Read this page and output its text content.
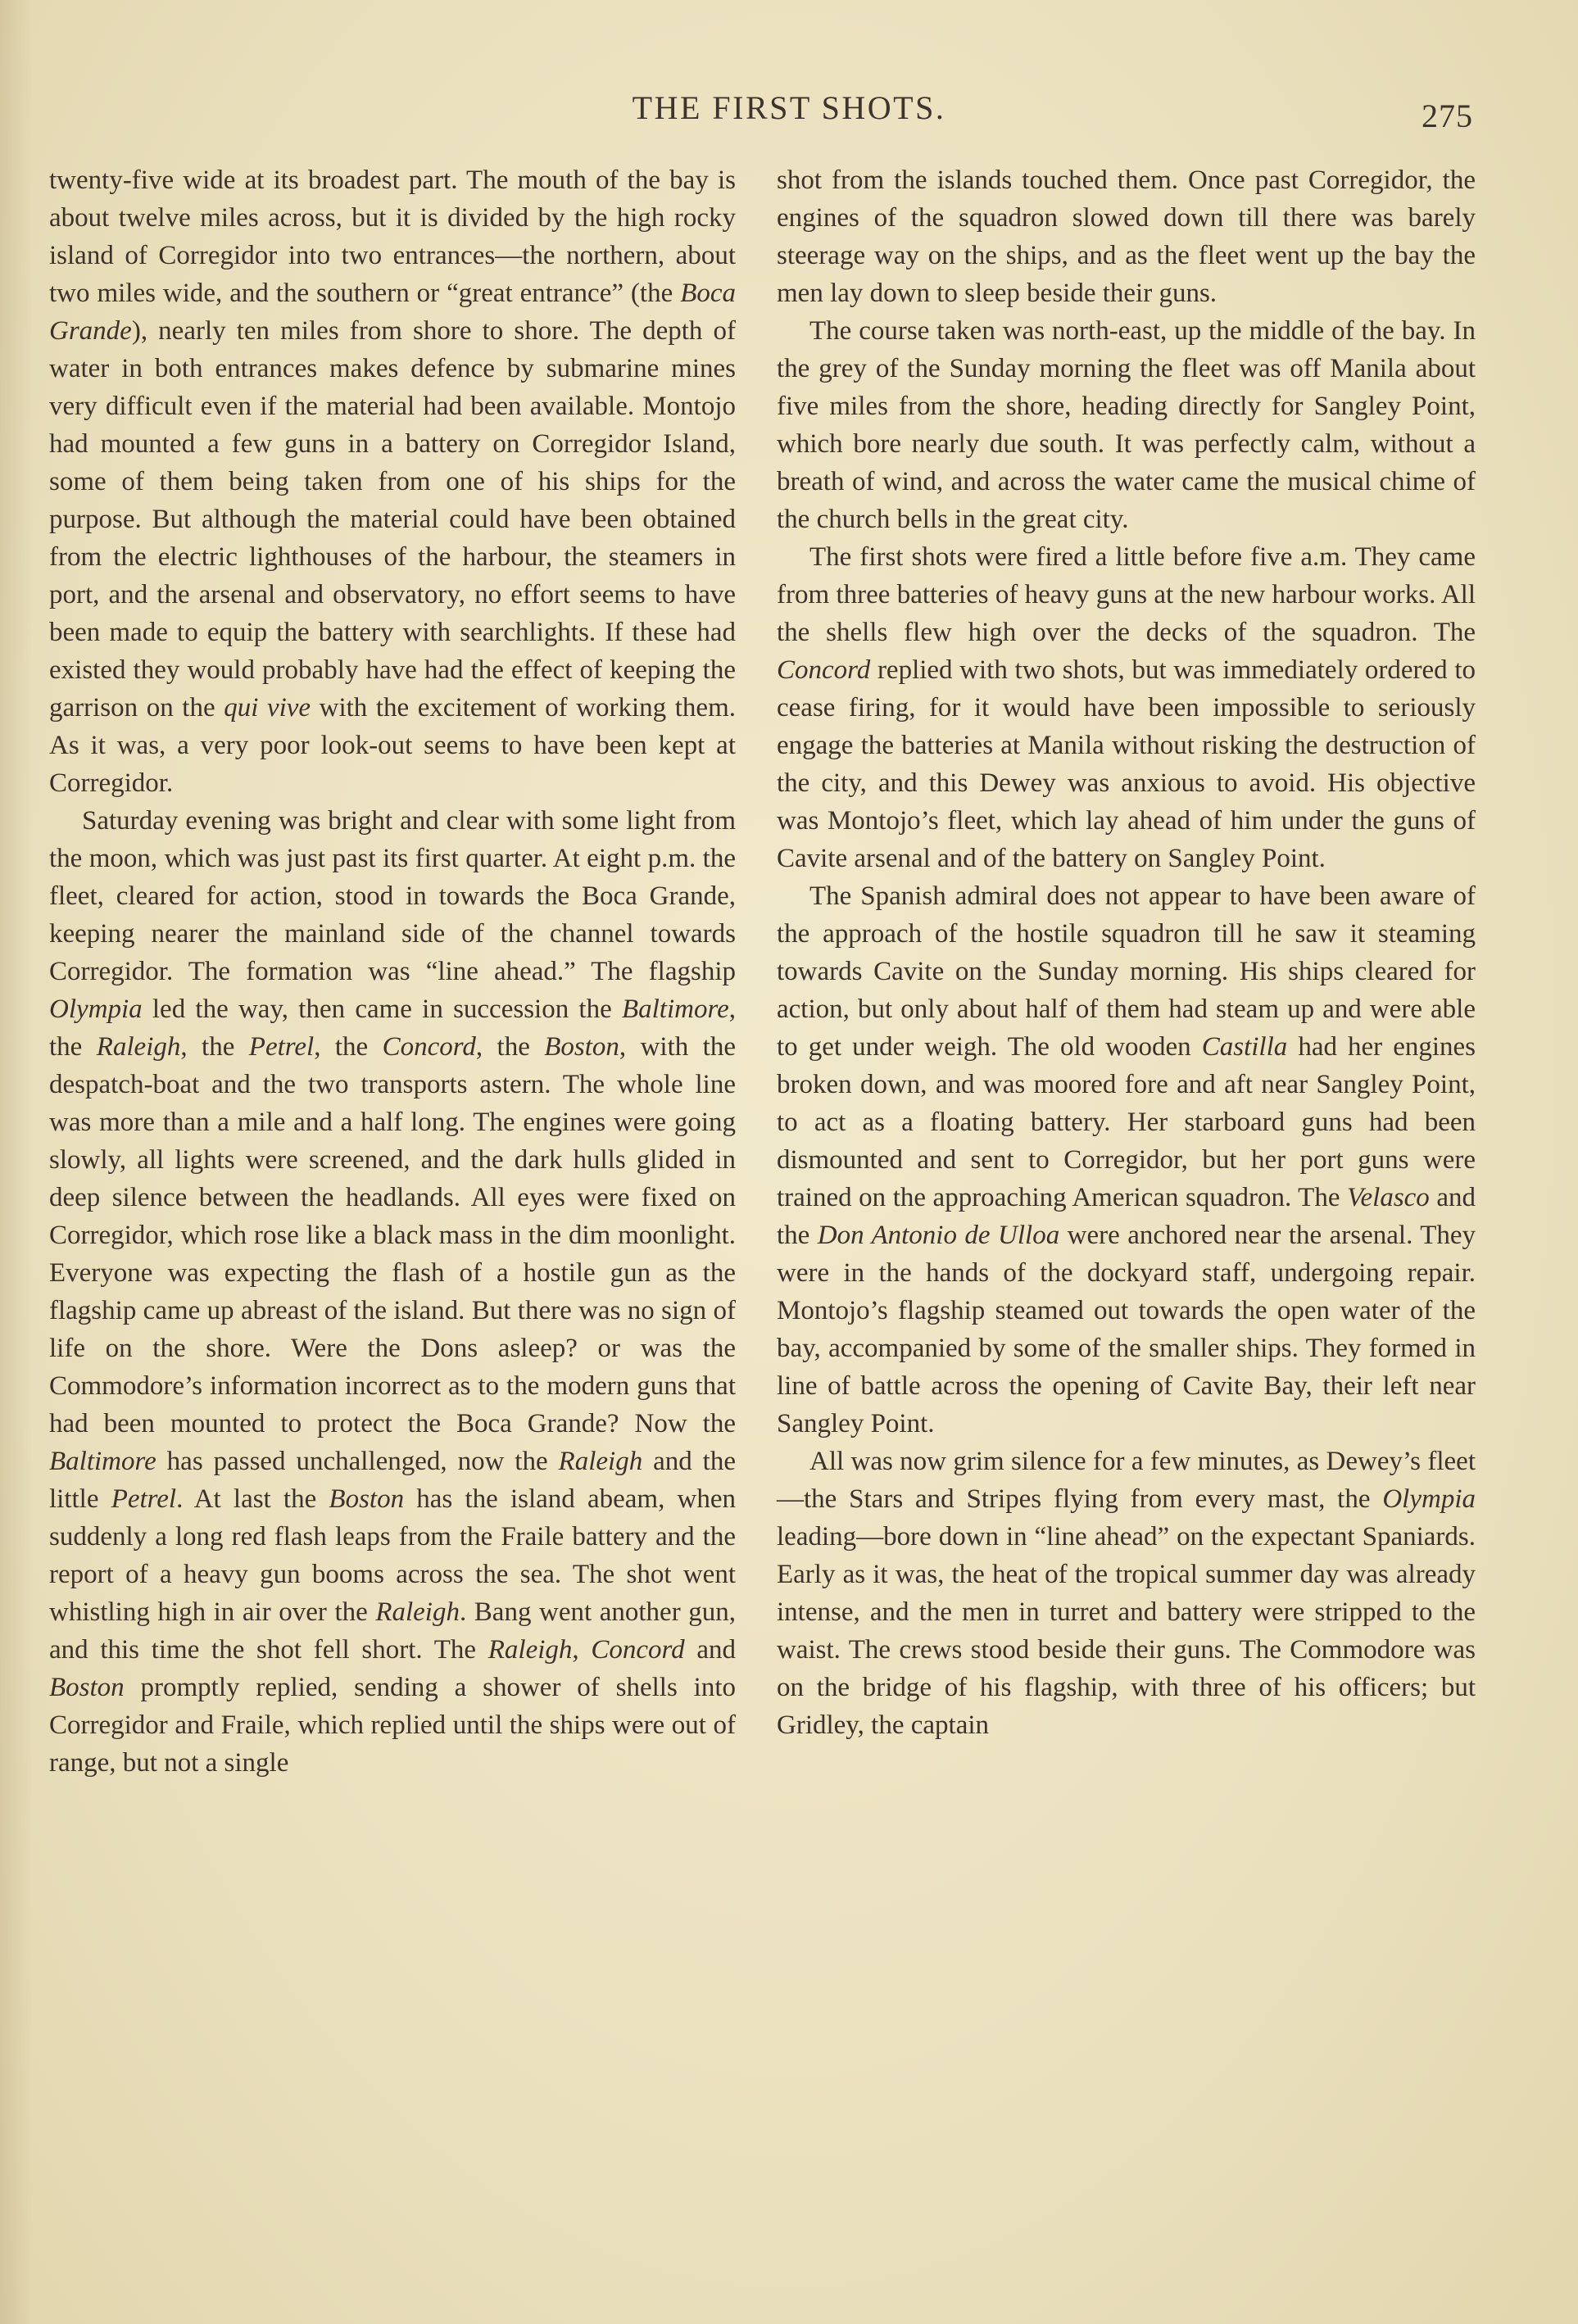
THE FIRST SHOTS.	275

twenty-five wide at its broadest part. The mouth of the bay is about twelve miles across, but it is divided by the high rocky island of Corregidor into two entrances—the northern, about two miles wide, and the southern or “great entrance” (the Boca Grande), nearly ten miles from shore to shore. The depth of water in both entrances makes defence by submarine mines very difficult even if the material had been available. Montojo had mounted a few guns in a battery on Corregidor Island, some of them being taken from one of his ships for the purpose. But although the material could have been obtained from the electric lighthouses of the harbour, the steamers in port, and the arsenal and observatory, no effort seems to have been made to equip the battery with searchlights. If these had existed they would probably have had the effect of keeping the garrison on the qui vive with the excitement of working them. As it was, a very poor look-out seems to have been kept at Corregidor.

Saturday evening was bright and clear with some light from the moon, which was just past its first quarter. At eight p.m. the fleet, cleared for action, stood in towards the Boca Grande, keeping nearer the mainland side of the channel towards Corregidor. The formation was “line ahead.” The flagship Olympia led the way, then came in succession the Baltimore, the Raleigh, the Petrel, the Concord, the Boston, with the despatch-boat and the two transports astern. The whole line was more than a mile and a half long. The engines were going slowly, all lights were screened, and the dark hulls glided in deep silence between the headlands. All eyes were fixed on Corregidor, which rose like a black mass in the dim moonlight. Everyone was expecting the flash of a hostile gun as the flagship came up abreast of the island. But there was no sign of life on the shore. Were the Dons asleep? or was the Commodore’s information incorrect as to the modern guns that had been mounted to protect the Boca Grande? Now the Baltimore has passed unchallenged, now the Raleigh and the little Petrel. At last the Boston has the island abeam, when suddenly a long red flash leaps from the Fraile battery and the report of a heavy gun booms across the sea. The shot went whistling high in air over the Raleigh. Bang went another gun, and this time the shot fell short. The Raleigh, Concord and Boston promptly replied, sending a shower of shells into Corregidor and Fraile, which replied until the ships were out of range, but not a single

shot from the islands touched them. Once past Corregidor, the engines of the squadron slowed down till there was barely steerage way on the ships, and as the fleet went up the bay the men lay down to sleep beside their guns.

The course taken was north-east, up the middle of the bay. In the grey of the Sunday morning the fleet was off Manila about five miles from the shore, heading directly for Sangley Point, which bore nearly due south. It was perfectly calm, without a breath of wind, and across the water came the musical chime of the church bells in the great city.

The first shots were fired a little before five a.m. They came from three batteries of heavy guns at the new harbour works. All the shells flew high over the decks of the squadron. The Concord replied with two shots, but was immediately ordered to cease firing, for it would have been impossible to seriously engage the batteries at Manila without risking the destruction of the city, and this Dewey was anxious to avoid. His objective was Montojo’s fleet, which lay ahead of him under the guns of Cavite arsenal and of the battery on Sangley Point.

The Spanish admiral does not appear to have been aware of the approach of the hostile squadron till he saw it steaming towards Cavite on the Sunday morning. His ships cleared for action, but only about half of them had steam up and were able to get under weigh. The old wooden Castilla had her engines broken down, and was moored fore and aft near Sangley Point, to act as a floating battery. Her starboard guns had been dismounted and sent to Corregidor, but her port guns were trained on the approaching American squadron. The Velasco and the Don Antonio de Ulloa were anchored near the arsenal. They were in the hands of the dockyard staff, undergoing repair. Montojo’s flagship steamed out towards the open water of the bay, accompanied by some of the smaller ships. They formed in line of battle across the opening of Cavite Bay, their left near Sangley Point.

All was now grim silence for a few minutes, as Dewey’s fleet—the Stars and Stripes flying from every mast, the Olympia leading—bore down in “line ahead” on the expectant Spaniards. Early as it was, the heat of the tropical summer day was already intense, and the men in turret and battery were stripped to the waist. The crews stood beside their guns. The Commodore was on the bridge of his flagship, with three of his officers; but Gridley, the captain
